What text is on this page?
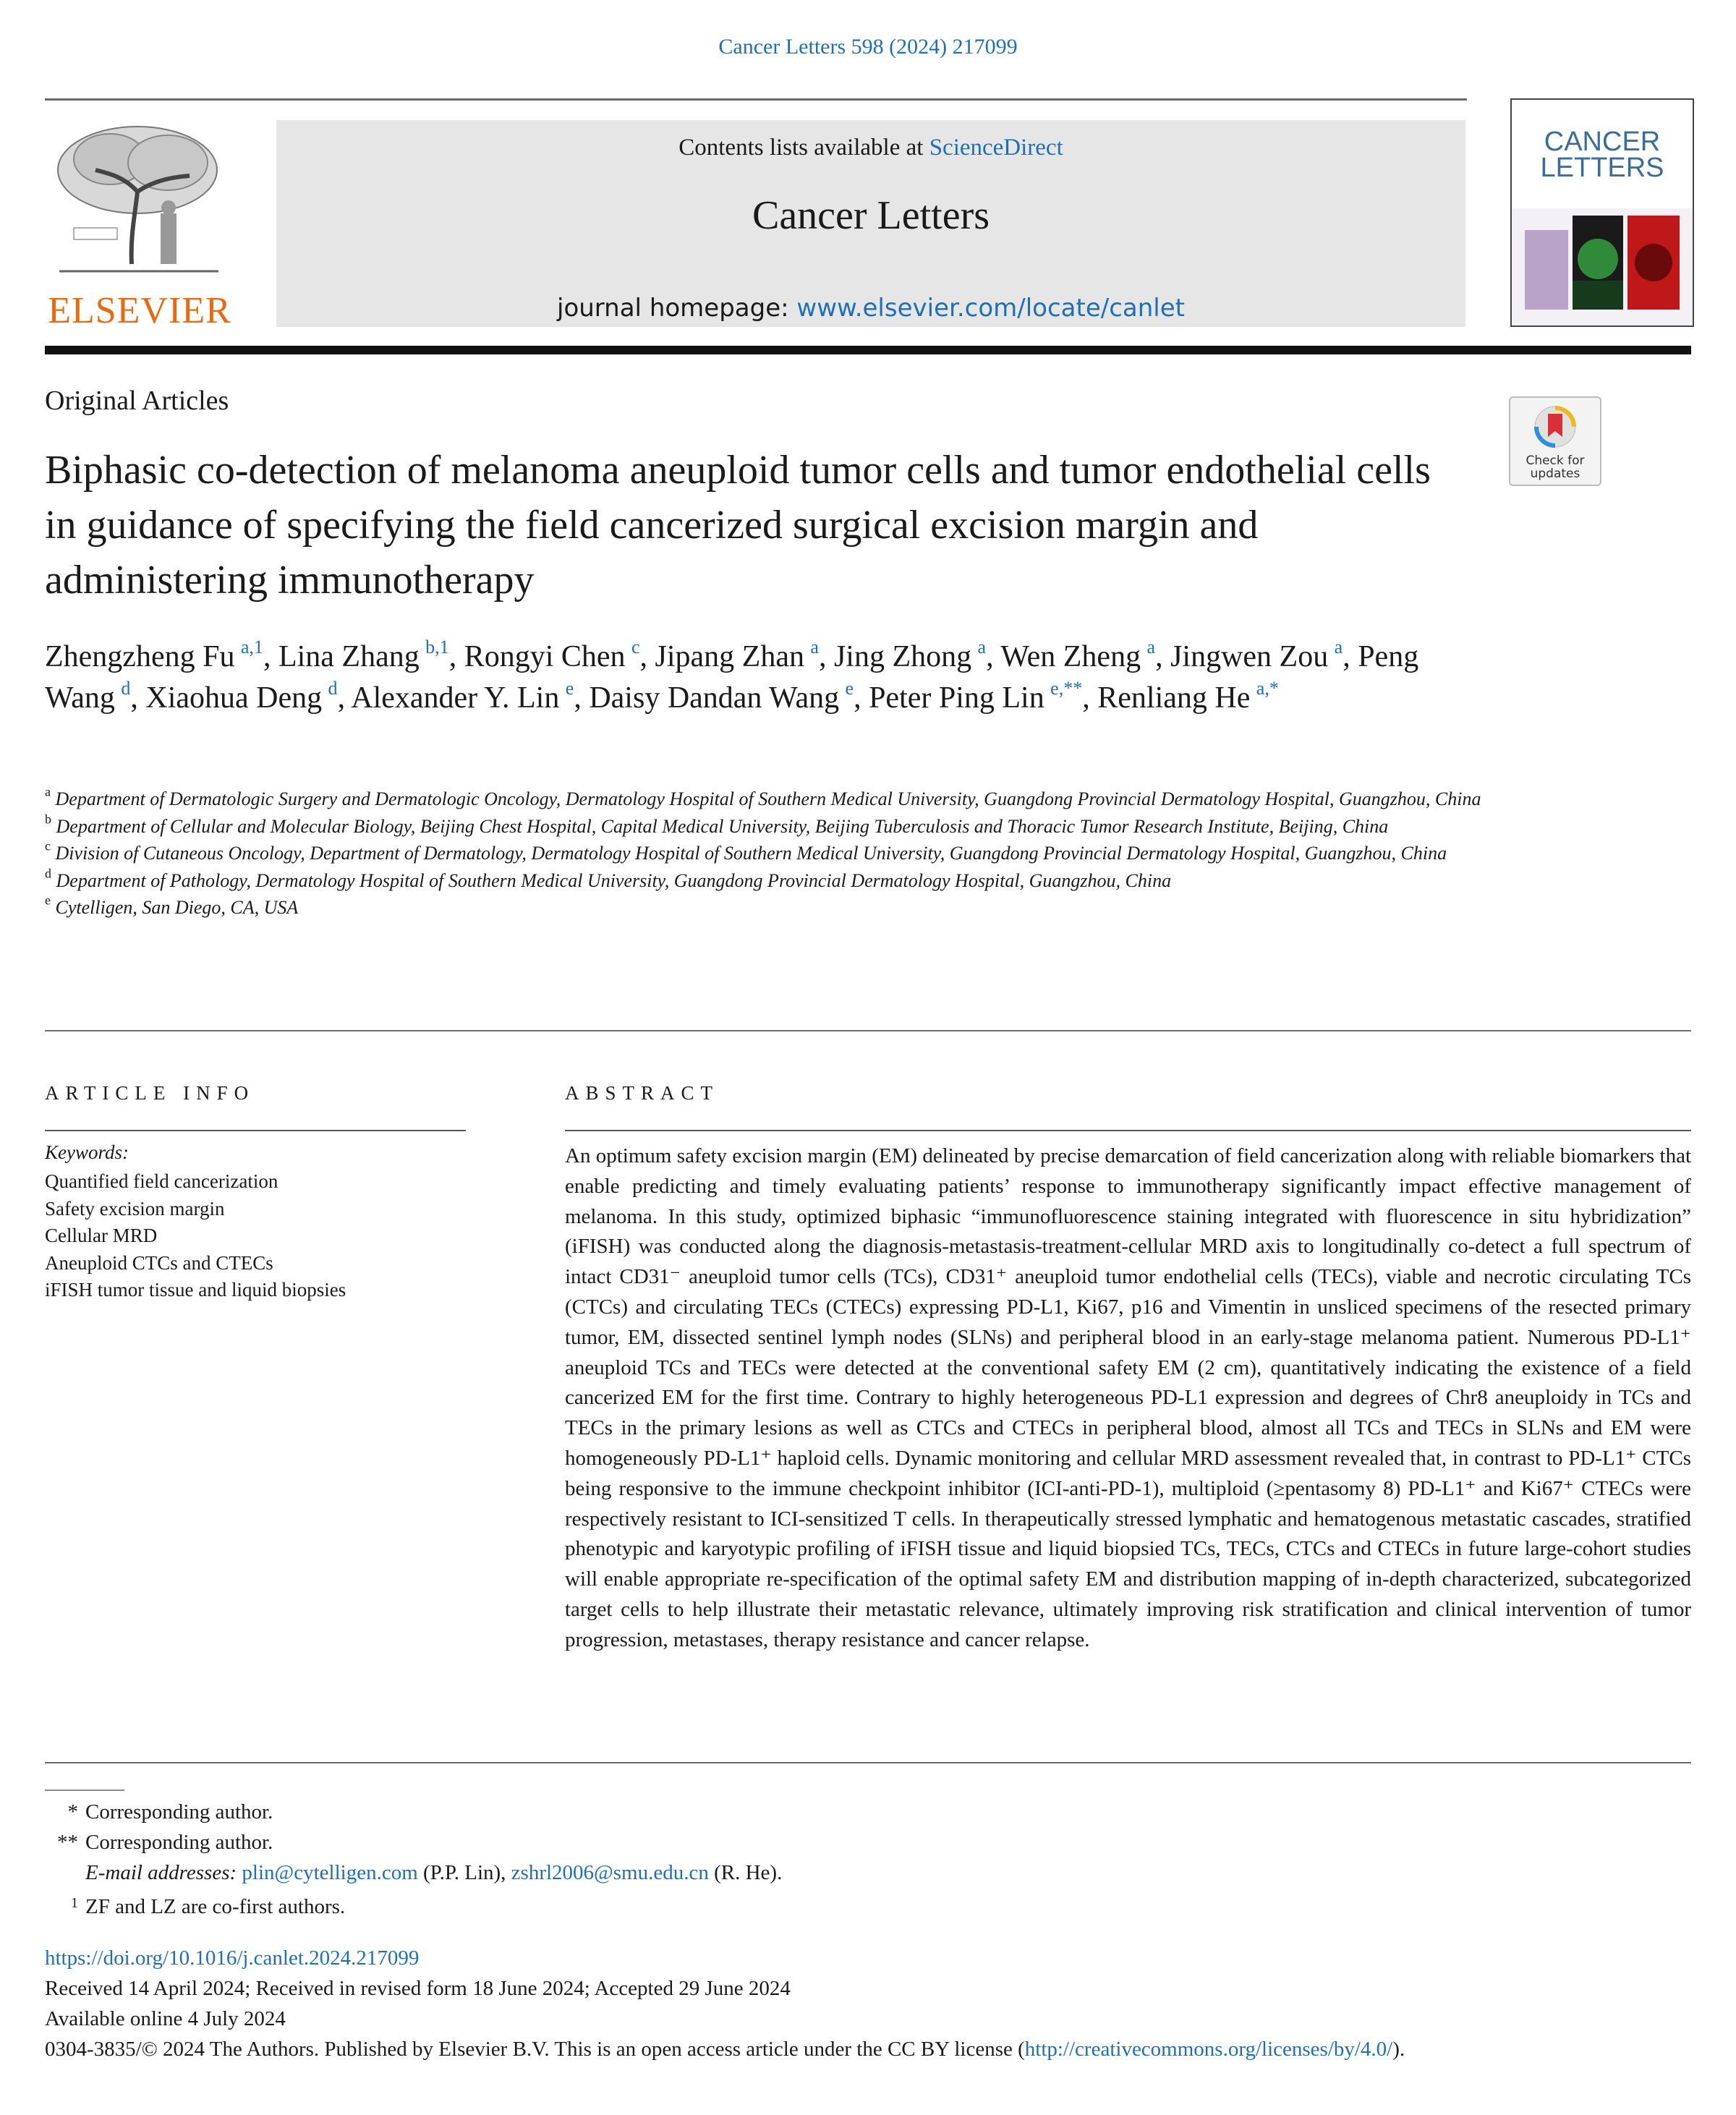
Cancer Letters 598 (2024) 217099
ELSEVIER
Contents lists available at ScienceDirect
Cancer Letters
journal homepage: www.elsevier.com/locate/canlet
CANCER
LETTERS
Original Articles
Check for
updates
Biphasic co-detection of melanoma aneuploid tumor cells and tumor endothelial cells in guidance of specifying the field cancerized surgical excision margin and administering immunotherapy
Zhengzheng Fu  $^{a,1}$, Lina Zhang  $^{b,1}$, Rongyi Chen  $^c$, Jipang Zhan  $^a$, Jing Zhong  $^a$, Wen Zheng  $^a$, Jingwen Zou  $^a$, Peng Wang  $^d$, Xiaohua Deng  $^d$, Alexander Y. Lin  $^e$, Daisy Dandan Wang  $^e$, Peter Ping Lin  $^{e,**}$, Renliang He  $^{a,*}$
$^a$ Department of Dermatologic Surgery and Dermatologic Oncology, Dermatology Hospital of Southern Medical University, Guangdong Provincial Dermatology Hospital, Guangzhou, China
$^b$ Department of Cellular and Molecular Biology, Beijing Chest Hospital, Capital Medical University, Beijing Tuberculosis and Thoracic Tumor Research Institute, Beijing, China
$^c$ Division of Cutaneous Oncology, Department of Dermatology, Dermatology Hospital of Southern Medical University, Guangdong Provincial Dermatology Hospital, Guangzhou, China
$^d$ Department of Pathology, Dermatology Hospital of Southern Medical University, Guangdong Provincial Dermatology Hospital, Guangzhou, China
$^e$ Cytelligen, San Diego, CA, USA
ARTICLE INFO
Keywords:
Quantified field cancerization
Safety excision margin
Cellular MRD
Aneuploid CTCs and CTECs
iFISH tumor tissue and liquid biopsies
ABSTRACT
An optimum safety excision margin (EM) delineated by precise demarcation of field cancerization along with reliable biomarkers that enable predicting and timely evaluating patients’ response to immunotherapy significantly impact effective management of melanoma. In this study, optimized biphasic “immunofluorescence staining integrated with fluorescence in situ hybridization” (iFISH) was conducted along the diagnosis-metastasis-treatment-cellular MRD axis to longitudinally co-detect a full spectrum of intact CD31⁻ aneuploid tumor cells (TCs), CD31⁺ aneuploid tumor endothelial cells (TECs), viable and necrotic circulating TCs (CTCs) and circulating TECs (CTECs) expressing PD-L1, Ki67, p16 and Vimentin in unsliced specimens of the resected primary tumor, EM, dissected sentinel lymph nodes (SLNs) and peripheral blood in an early-stage melanoma patient. Numerous PD-L1⁺ aneuploid TCs and TECs were detected at the conventional safety EM (2 cm), quantitatively indicating the existence of a field cancerized EM for the first time. Contrary to highly heterogeneous PD-L1 expression and degrees of Chr8 aneuploidy in TCs and TECs in the primary lesions as well as CTCs and CTECs in peripheral blood, almost all TCs and TECs in SLNs and EM were homogeneously PD-L1⁺ haploid cells. Dynamic monitoring and cellular MRD assessment revealed that, in contrast to PD-L1⁺ CTCs being responsive to the immune checkpoint inhibitor (ICI-anti-PD-1), multiploid (≥pentasomy 8) PD-L1⁺ and Ki67⁺ CTECs were respectively resistant to ICI-sensitized T cells. In therapeutically stressed lymphatic and hematogenous metastatic cascades, stratified phenotypic and karyotypic profiling of iFISH tissue and liquid biopsied TCs, TECs, CTCs and CTECs in future large-cohort studies will enable appropriate re-specification of the optimal safety EM and distribution mapping of in-depth characterized, subcategorized target cells to help illustrate their metastatic relevance, ultimately improving risk stratification and clinical intervention of tumor progression, metastases, therapy resistance and cancer relapse.
* Corresponding author.
** Corresponding author.
E-mail addresses: plin@cytelligen.com (P.P. Lin), zshrl2006@smu.edu.cn (R. He).
1 ZF and LZ are co-first authors.
https://doi.org/10.1016/j.canlet.2024.217099
Received 14 April 2024; Received in revised form 18 June 2024; Accepted 29 June 2024
Available online 4 July 2024
0304-3835/© 2024 The Authors. Published by Elsevier B.V. This is an open access article under the CC BY license (http://creativecommons.org/licenses/by/4.0/).
